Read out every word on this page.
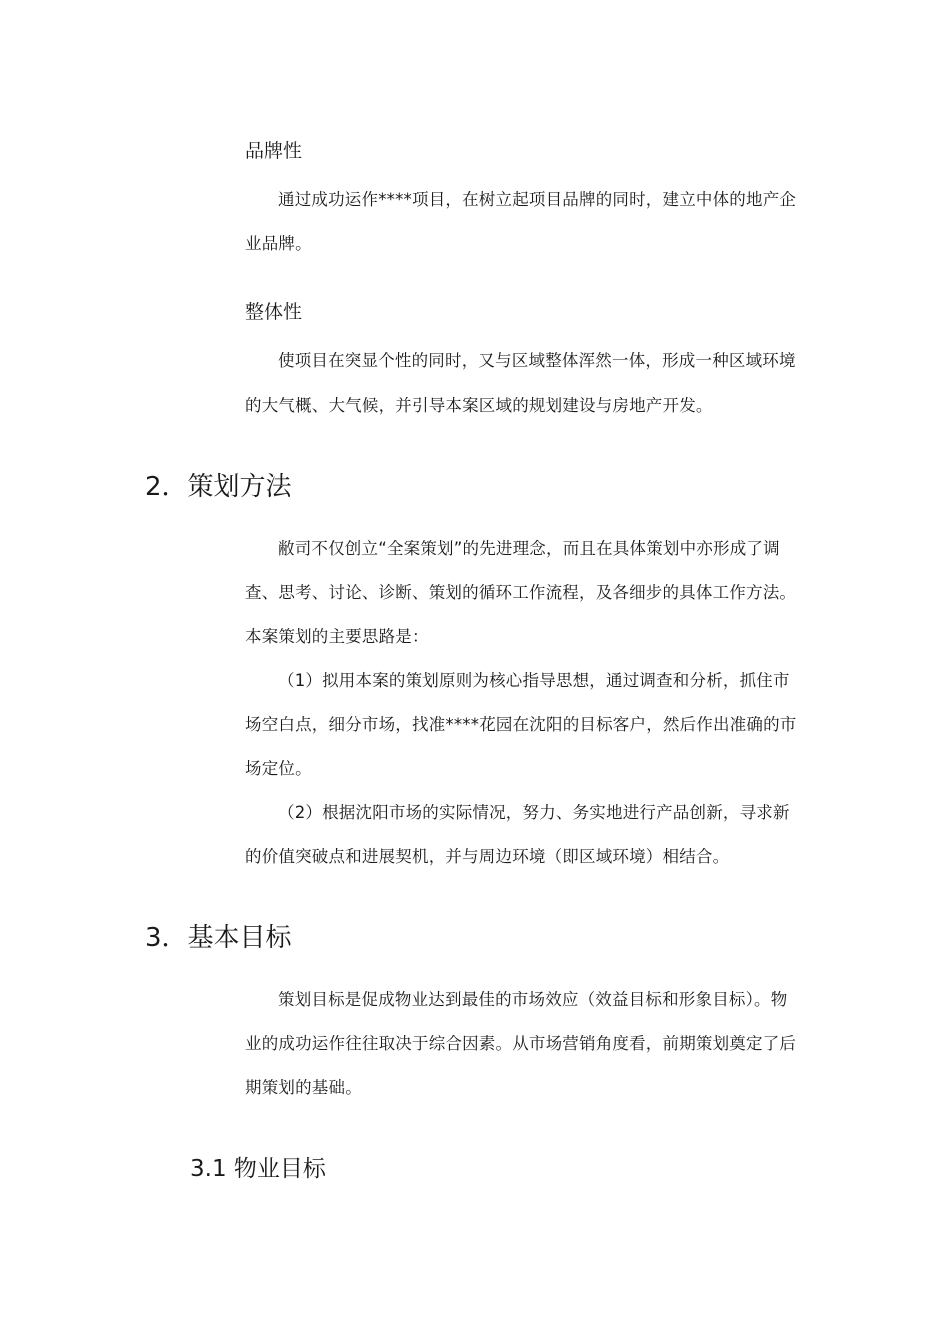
品牌性
通过成功运作****项目，在树立起项目品牌的同时，建立中体的地产企
业品牌。
整体性
使项目在突显个性的同时，又与区域整体浑然一体，形成一种区域环境
的大气概、大气候，并引导本案区域的规划建设与房地产开发。
2．策划方法
敝司不仅创立“全案策划”的先进理念，而且在具体策划中亦形成了调
查、思考、讨论、诊断、策划的循环工作流程，及各细步的具体工作方法。
本案策划的主要思路是：
（1）拟用本案的策划原则为核心指导思想，通过调查和分析，抓住市
场空白点，细分市场，找准****花园在沈阳的目标客户，然后作出准确的市
场定位。
（2）根据沈阳市场的实际情况，努力、务实地进行产品创新，寻求新
的价值突破点和进展契机，并与周边环境（即区域环境）相结合。
3．基本目标
策划目标是促成物业达到最佳的市场效应（效益目标和形象目标）。物
业的成功运作往往取决于综合因素。从市场营销角度看，前期策划奠定了后
期策划的基础。
3.1 物业目标
